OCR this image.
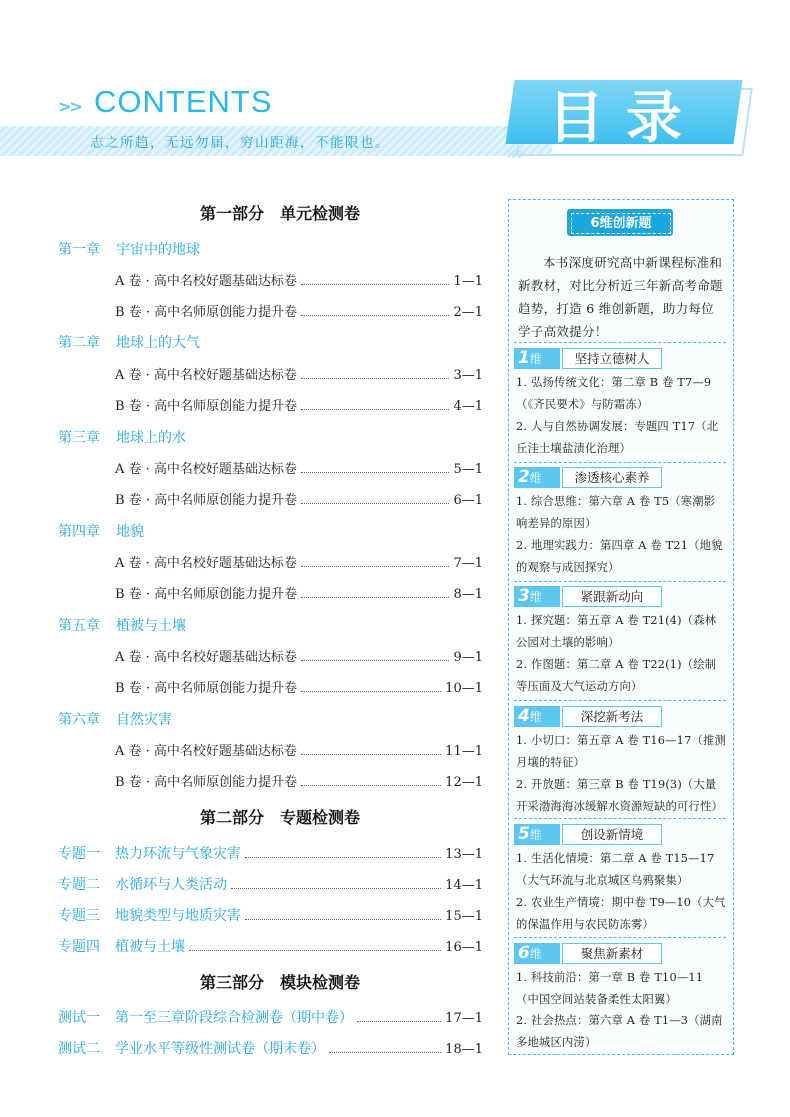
>> CONTENTS
志之所趋，无远勿届，穷山距海，不能限也。	目录
第一部分 单元检测卷
第一章 宇宙中的地球
A 卷 · 高中名校好题基础达标卷	1—1
B 卷 · 高中名师原创能力提升卷	2—1
第二章 地球上的大气
A 卷 · 高中名校好题基础达标卷	3—1
B 卷 · 高中名师原创能力提升卷	4—1
第三章 地球上的水
A 卷 · 高中名校好题基础达标卷	5—1
B 卷 · 高中名师原创能力提升卷	6—1
第四章 地貌
A 卷 · 高中名校好题基础达标卷	7—1
B 卷 · 高中名师原创能力提升卷	8—1
第五章 植被与土壤
A 卷 · 高中名校好题基础达标卷	9—1
B 卷 · 高中名师原创能力提升卷	10—1
第六章 自然灾害
A 卷 · 高中名校好题基础达标卷	11—1
B 卷 · 高中名师原创能力提升卷	12—1
第二部分 专题检测卷
专题一	热力环流与气象灾害	13—1
专题二	水循环与人类活动	14—1
专题三	地貌类型与地质灾害	15—1
专题四	植被与土壤	16—1
第三部分 模块检测卷
测试一	第一至三章阶段综合检测卷（期中卷）	17—1
测试二	学业水平等级性测试卷（期末卷）	18—1
6维创新题
本书深度研究高中新课程标准和新教材，对比分析近三年新高考命题趋势，打造 6 维创新题，助力每位学子高效提分！
1维	坚持立德树人
1. 弘扬传统文化：第二章 B 卷 T7—9（《齐民要术》与防霜冻）
2. 人与自然协调发展：专题四 T17（北丘洼土壤盐渍化治理）
2维	渗透核心素养
1. 综合思维：第六章 A 卷 T5（寒潮影响差异的原因）
2. 地理实践力：第四章 A 卷 T21（地貌的观察与成因探究）
3维	紧跟新动向
1. 探究题：第五章 A 卷 T21(4)（森林公园对土壤的影响）
2. 作图题：第二章 A 卷 T22(1)（绘制等压面及大气运动方向）
4维	深挖新考法
1. 小切口：第五章 A 卷 T16—17（推测月壤的特征）
2. 开放题：第三章 B 卷 T19(3)（大量开采渤海海冰缓解水资源短缺的可行性）
5维	创设新情境
1. 生活化情境：第二章 A 卷 T15—17（大气环流与北京城区乌鸦聚集）
2. 农业生产情境：期中卷 T9—10（大气的保温作用与农民防冻雾）
6维	聚焦新素材
1. 科技前沿：第一章 B 卷 T10—11（中国空间站装备柔性太阳翼）
2. 社会热点：第六章 A 卷 T1—3（湖南多地城区内涝）
